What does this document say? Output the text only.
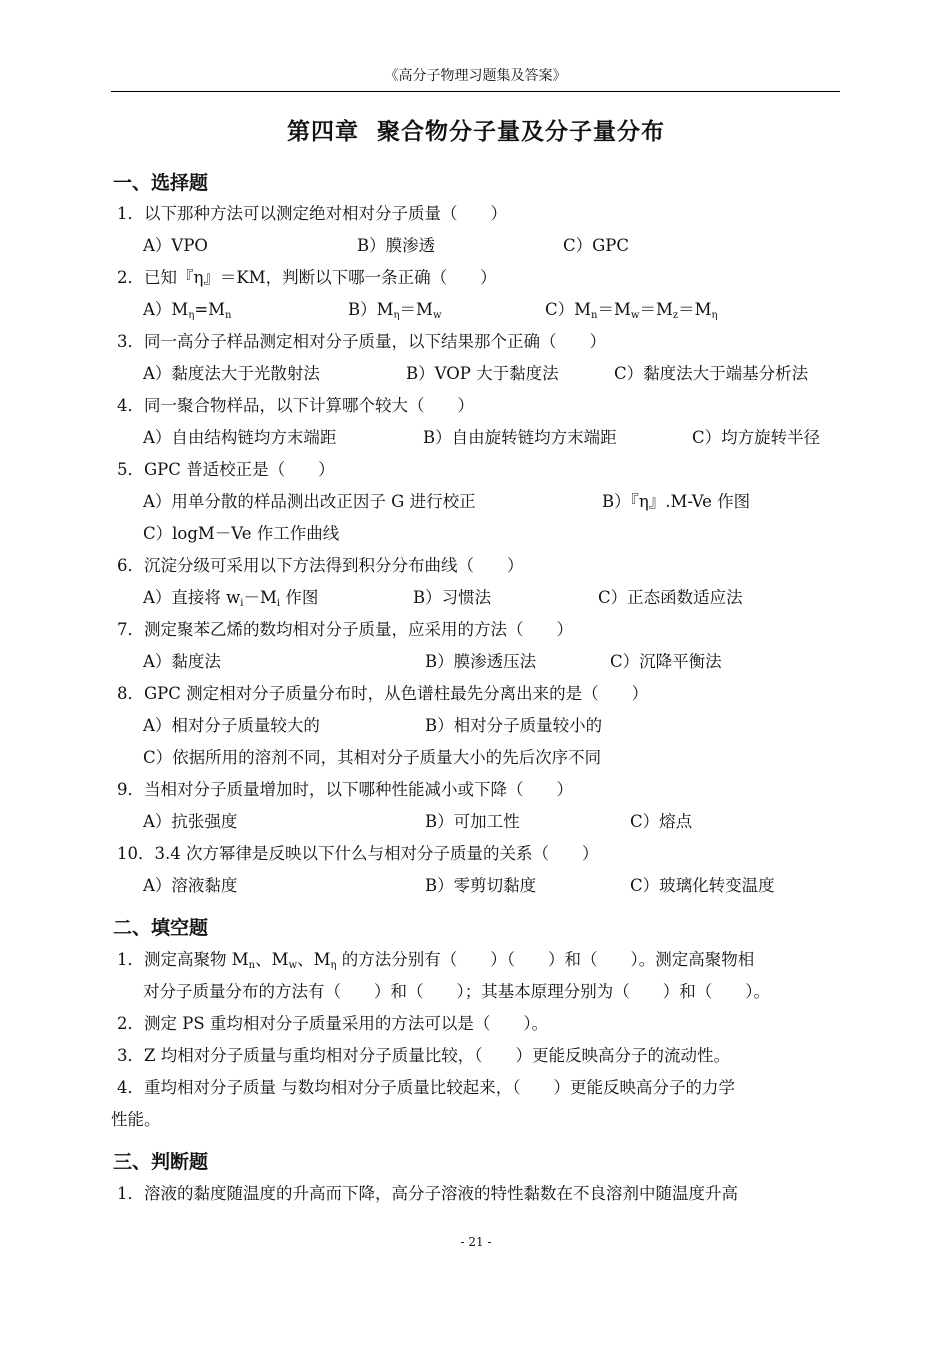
《高分子物理习题集及答案》
第四章 聚合物分子量及分子量分布
一、选择题
1．以下那种方法可以测定绝对相对分子质量（　　）
A）VPO	B）膜渗透	C）GPC
2．已知『η』＝KM，判断以下哪一条正确（　　）
$A)M_\eta=M_n$	$B)M_\eta=M_w$	$C)M_n=M_w=M_z=M_\eta$
3．同一高分子样品测定相对分子质量，以下结果那个正确（　　）
A）黏度法大于光散射法	B）VOP 大于黏度法	C）黏度法大于端基分析法
4．同一聚合物样品，以下计算哪个较大（　　）
A）自由结构链均方末端距	B）自由旋转链均方末端距	C）均方旋转半径
5．GPC 普适校正是（　　）
A）用单分散的样品测出改正因子 G 进行校正	B）『η』.M-Ve 作图
C）logM－Ve 作工作曲线
6．沉淀分级可采用以下方法得到积分分布曲线（　　）
A）直接将 $w_i-M_i$ 作图	B）习惯法	C）正态函数适应法
7．测定聚苯乙烯的数均相对分子质量，应采用的方法（　　）
A）黏度法	B）膜渗透压法	C）沉降平衡法
8．GPC 测定相对分子质量分布时，从色谱柱最先分离出来的是（　　）
A）相对分子质量较大的	B）相对分子质量较小的
C）依据所用的溶剂不同，其相对分子质量大小的先后次序不同
9．当相对分子质量增加时，以下哪种性能减小或下降（　　）
A）抗张强度	B）可加工性	C）熔点
10．3.4 次方幂律是反映以下什么与相对分子质量的关系（　　）
A）溶液黏度	B）零剪切黏度	C）玻璃化转变温度
二、填空题
1．测定高聚物 $M_n$、$M_w$、$M_\eta$ 的方法分别有（　　）（　　）和（　　）。测定高聚物相
对分子质量分布的方法有（　　）和（　　）；其基本原理分别为（　　）和（　　）。
2．测定 PS 重均相对分子质量采用的方法可以是（　　）。
3．Z 均相对分子质量与重均相对分子质量比较，（　　）更能反映高分子的流动性。
4．重均相对分子质量 与数均相对分子质量比较起来，（　　）更能反映高分子的力学
性能。
三、判断题
1．溶液的黏度随温度的升高而下降，高分子溶液的特性黏数在不良溶剂中随温度升高
- 21 -
